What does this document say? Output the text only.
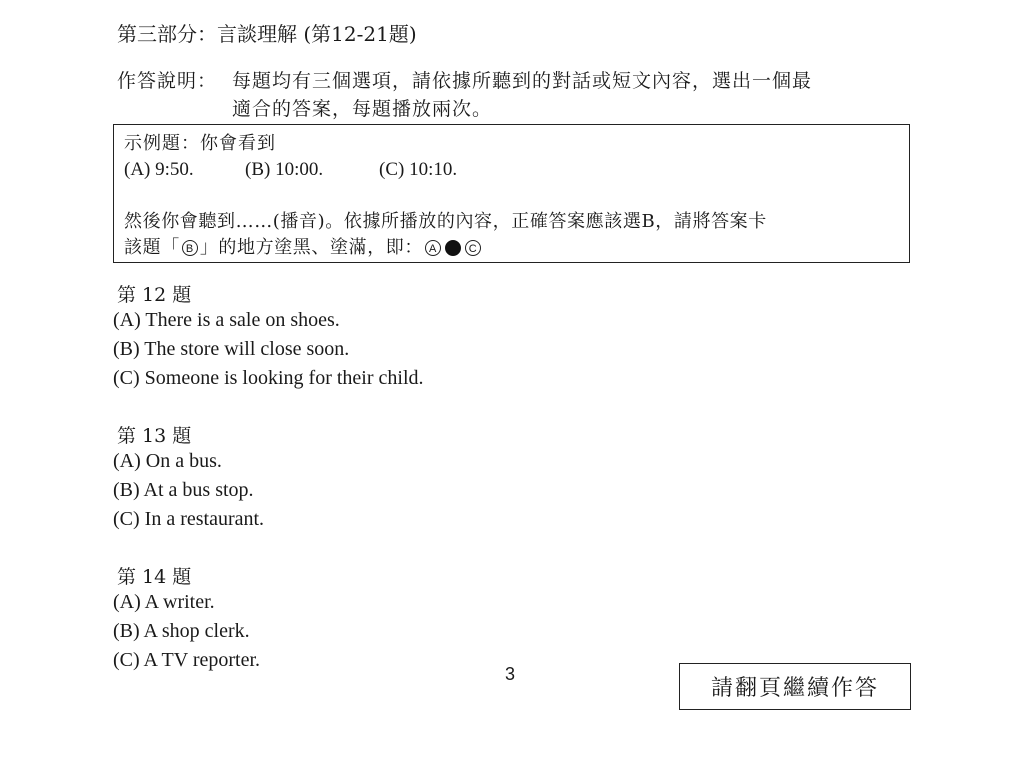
第三部分：言談理解 (第12-21題)
作答說明： 每題均有三個選項，請依據所聽到的對話或短文內容，選出一個最
適合的答案，每題播放兩次。
示例題：你會看到
(A) 9:50.	(B) 10:00.	(C) 10:10.
然後你會聽到……(播音)。依據所播放的內容，正確答案應該選B，請將答案卡
該題「 B 」的地方塗黑、塗滿，即： A	C
第 12 題
(A) There is a sale on shoes.
(B) The store will close soon.
(C) Someone is looking for their child.
第 13 題
(A) On a bus.
(B) At a bus stop.
(C) In a restaurant.
第 14 題
(A) A writer.
(B) A shop clerk.
(C) A TV reporter.
3
請翻頁繼續作答
